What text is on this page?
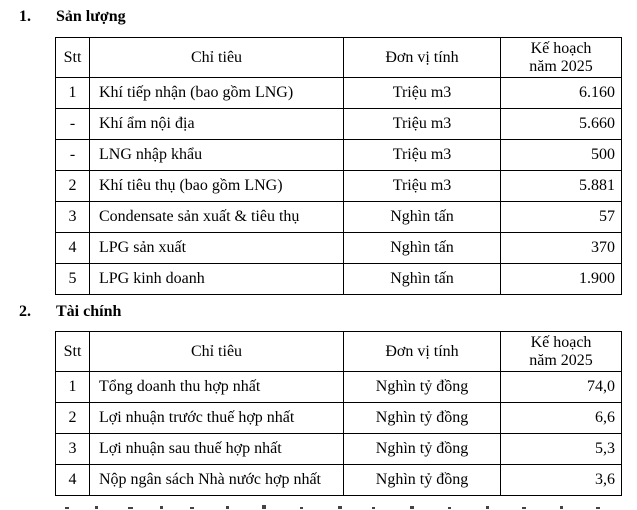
1. Sản lượng
Stt	Chỉ tiêu	Đơn vị tính	Kế hoạch
năm 2025

1	Khí tiếp nhận (bao gồm LNG)	Triệu m3	6.160
-	Khí ẩm nội địa	Triệu m3	5.660
-	LNG nhập khẩu	Triệu m3	500
2	Khí tiêu thụ (bao gồm LNG)	Triệu m3	5.881
3	Condensate sản xuất & tiêu thụ	Nghìn tấn	57
4	LPG sản xuất	Nghìn tấn	370
5	LPG kinh doanh	Nghìn tấn	1.900
2. Tài chính
Stt	Chỉ tiêu	Đơn vị tính	Kế hoạch
năm 2025

1	Tổng doanh thu hợp nhất	Nghìn tỷ đồng	74,0
2	Lợi nhuận trước thuế hợp nhất	Nghìn tỷ đồng	6,6
3	Lợi nhuận sau thuế hợp nhất	Nghìn tỷ đồng	5,3
4	Nộp ngân sách Nhà nước hợp nhất	Nghìn tỷ đồng	3,6
